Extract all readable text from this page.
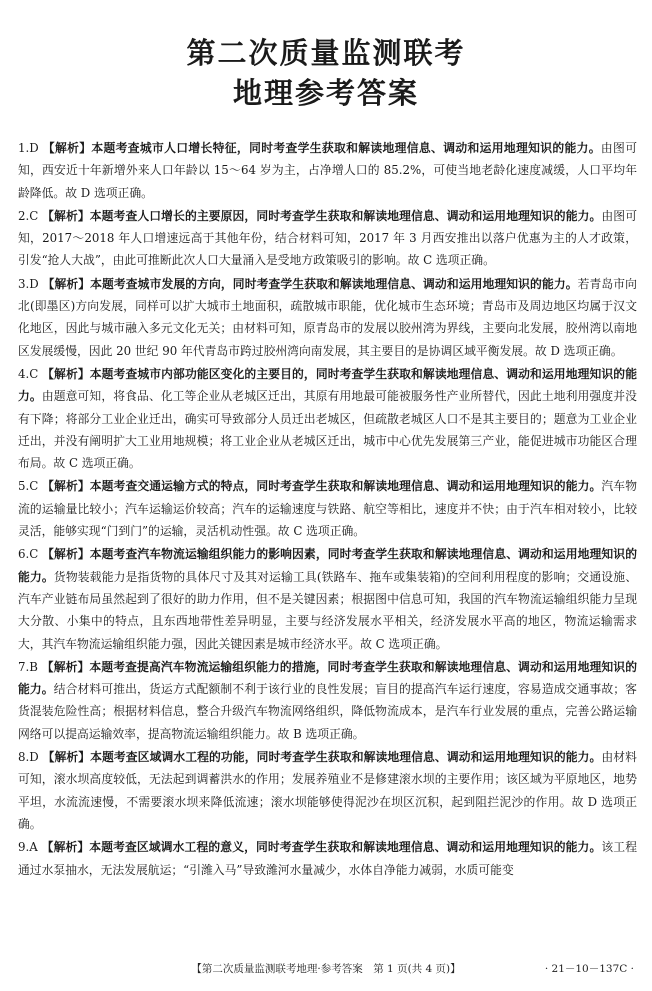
第二次质量监测联考
地理参考答案

1.D 【解析】本题考查城市人口增长特征，同时考查学生获取和解读地理信息、调动和运用地理知识的能力。由图可知，西安近十年新增外来人口年龄以 15～64 岁为主，占净增人口的 85.2%，可使当地老龄化速度减缓，人口平均年龄降低。故 D 选项正确。

2.C 【解析】本题考查人口增长的主要原因，同时考查学生获取和解读地理信息、调动和运用地理知识的能力。由图可知，2017～2018 年人口增速远高于其他年份，结合材料可知，2017 年 3 月西安推出以落户优惠为主的人才政策，引发“抢人大战”，由此可推断此次人口大量涌入是受地方政策吸引的影响。故 C 选项正确。

3.D 【解析】本题考查城市发展的方向，同时考查学生获取和解读地理信息、调动和运用地理知识的能力。若青岛市向北(即墨区)方向发展，同样可以扩大城市土地面积，疏散城市职能，优化城市生态环境；青岛市及周边地区均属于汉文化地区，因此与城市融入多元文化无关；由材料可知，原青岛市的发展以胶州湾为界线，主要向北发展，胶州湾以南地区发展缓慢，因此 20 世纪 90 年代青岛市跨过胶州湾向南发展，其主要目的是协调区域平衡发展。故 D 选项正确。

4.C 【解析】本题考查城市内部功能区变化的主要目的，同时考查学生获取和解读地理信息、调动和运用地理知识的能力。由题意可知，将食品、化工等企业从老城区迁出，其原有用地最可能被服务性产业所替代，因此土地利用强度并没有下降；将部分工业企业迁出，确实可导致部分人员迁出老城区，但疏散老城区人口不是其主要目的；题意为工业企业迁出，并没有阐明扩大工业用地规模；将工业企业从老城区迁出，城市中心优先发展第三产业，能促进城市功能区合理布局。故 C 选项正确。

5.C 【解析】本题考查交通运输方式的特点，同时考查学生获取和解读地理信息、调动和运用地理知识的能力。汽车物流的运输量比较小；汽车运输运价较高；汽车的运输速度与铁路、航空等相比，速度并不快；由于汽车相对较小，比较灵活，能够实现“门到门”的运输，灵活机动性强。故 C 选项正确。

6.C 【解析】本题考查汽车物流运输组织能力的影响因素，同时考查学生获取和解读地理信息、调动和运用地理知识的能力。货物装载能力是指货物的具体尺寸及其对运输工具(铁路车、拖车或集装箱)的空间利用程度的影响；交通设施、汽车产业链布局虽然起到了很好的助力作用，但不是关键因素；根据图中信息可知，我国的汽车物流运输组织能力呈现大分散、小集中的特点，且东西地带性差异明显，主要与经济发展水平相关，经济发展水平高的地区，物流运输需求大，其汽车物流运输组织能力强，因此关键因素是城市经济水平。故 C 选项正确。

7.B 【解析】本题考查提高汽车物流运输组织能力的措施，同时考查学生获取和解读地理信息、调动和运用地理知识的能力。结合材料可推出，货运方式配额制不利于该行业的良性发展；盲目的提高汽车运行速度，容易造成交通事故；客货混装危险性高；根据材料信息，整合升级汽车物流网络组织，降低物流成本，是汽车行业发展的重点，完善公路运输网络可以提高运输效率，提高物流运输组织能力。故 B 选项正确。

8.D 【解析】本题考查区域调水工程的功能，同时考查学生获取和解读地理信息、调动和运用地理知识的能力。由材料可知，滚水坝高度较低，无法起到调蓄洪水的作用；发展养殖业不是修建滚水坝的主要作用；该区域为平原地区，地势平坦，水流流速慢，不需要滚水坝来降低流速；滚水坝能够使得泥沙在坝区沉积，起到阻拦泥沙的作用。故 D 选项正确。

9.A 【解析】本题考查区域调水工程的意义，同时考查学生获取和解读地理信息、调动和运用地理知识的能力。该工程通过水泵抽水，无法发展航运；“引潍入马”导致潍河水量减少，水体自净能力减弱，水质可能变

【第二次质量监测联考地理·参考答案　第 1 页(共 4 页)】	· 21－10－137C ·
